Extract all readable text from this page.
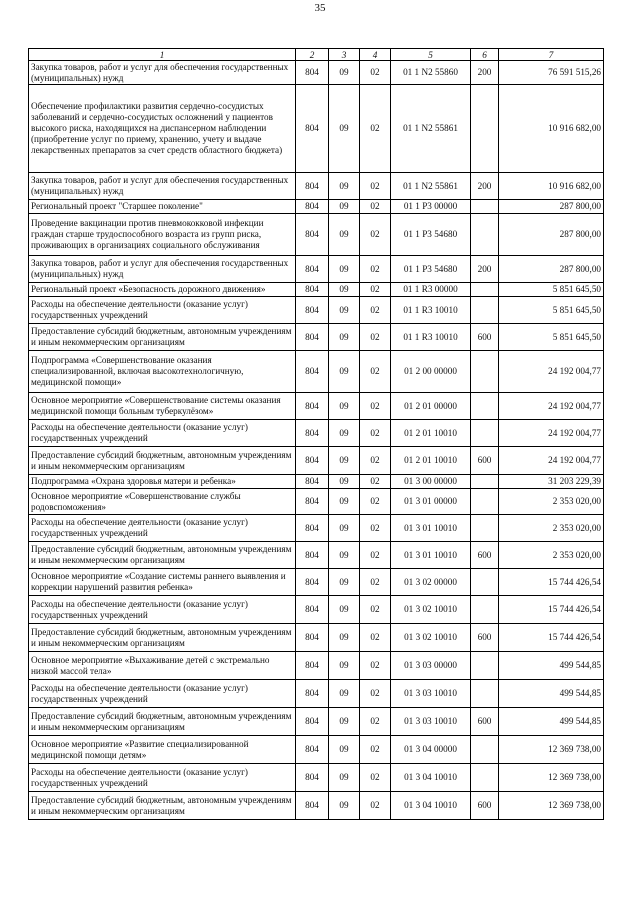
35
1	2	3	4	5	6	7
Закупка товаров, работ и услуг для обеспечения государственных (муниципальных) нужд	804	09	02	01 1 N2 55860	200	76 591 515,26
Обеспечение профилактики развития сердечно-сосудистых заболеваний и сердечно-сосудистых осложнений у пациентов высокого риска, находящихся на диспансерном наблюдении (приобретение услуг по приему, хранению, учету и выдаче лекарственных препаратов за счет средств областного бюджета)	804	09	02	01 1 N2 55861		10 916 682,00
Закупка товаров, работ и услуг для обеспечения государственных (муниципальных) нужд	804	09	02	01 1 N2 55861	200	10 916 682,00
Региональный проект "Старшее поколение"	804	09	02	01 1 P3 00000		287 800,00
Проведение вакцинации против пневмококковой инфекции граждан старше трудоспособного возраста из групп риска, проживающих в организациях социального обслуживания	804	09	02	01 1 P3 54680		287 800,00
Закупка товаров, работ и услуг для обеспечения государственных (муниципальных) нужд	804	09	02	01 1 P3 54680	200	287 800,00
Региональный проект «Безопасность дорожного движения»	804	09	02	01 1 R3 00000		5 851 645,50
Расходы на обеспечение деятельности (оказание услуг) государственных учреждений	804	09	02	01 1 R3 10010		5 851 645,50
Предоставление субсидий бюджетным, автономным учреждениям и иным некоммерческим организациям	804	09	02	01 1 R3 10010	600	5 851 645,50
Подпрограмма «Совершенствование оказания специализированной, включая высокотехнологичную, медицинской помощи»	804	09	02	01 2 00 00000		24 192 004,77
Основное мероприятие «Совершенствование системы оказания медицинской помощи больным туберкулёзом»	804	09	02	01 2 01 00000		24 192 004,77
Расходы на обеспечение деятельности (оказание услуг) государственных учреждений	804	09	02	01 2 01 10010		24 192 004,77
Предоставление субсидий бюджетным, автономным учреждениям и иным некоммерческим организациям	804	09	02	01 2 01 10010	600	24 192 004,77
Подпрограмма «Охрана здоровья матери и ребенка»	804	09	02	01 3 00 00000		31 203 229,39
Основное мероприятие «Совершенствование службы родовспоможения»	804	09	02	01 3 01 00000		2 353 020,00
Расходы на обеспечение деятельности (оказание услуг) государственных учреждений	804	09	02	01 3 01 10010		2 353 020,00
Предоставление субсидий бюджетным, автономным учреждениям и иным некоммерческим организациям	804	09	02	01 3 01 10010	600	2 353 020,00
Основное мероприятие «Создание системы раннего выявления и коррекции нарушений развития ребенка»	804	09	02	01 3 02 00000		15 744 426,54
Расходы на обеспечение деятельности (оказание услуг) государственных учреждений	804	09	02	01 3 02 10010		15 744 426,54
Предоставление субсидий бюджетным, автономным учреждениям и иным некоммерческим организациям	804	09	02	01 3 02 10010	600	15 744 426,54
Основное мероприятие «Выхаживание детей с экстремально низкой массой тела»	804	09	02	01 3 03 00000		499 544,85
Расходы на обеспечение деятельности (оказание услуг) государственных учреждений	804	09	02	01 3 03 10010		499 544,85
Предоставление субсидий бюджетным, автономным учреждениям и иным некоммерческим организациям	804	09	02	01 3 03 10010	600	499 544,85
Основное мероприятие «Развитие специализированной медицинской помощи детям»	804	09	02	01 3 04 00000		12 369 738,00
Расходы на обеспечение деятельности (оказание услуг) государственных учреждений	804	09	02	01 3 04 10010		12 369 738,00
Предоставление субсидий бюджетным, автономным учреждениям и иным некоммерческим организациям	804	09	02	01 3 04 10010	600	12 369 738,00
